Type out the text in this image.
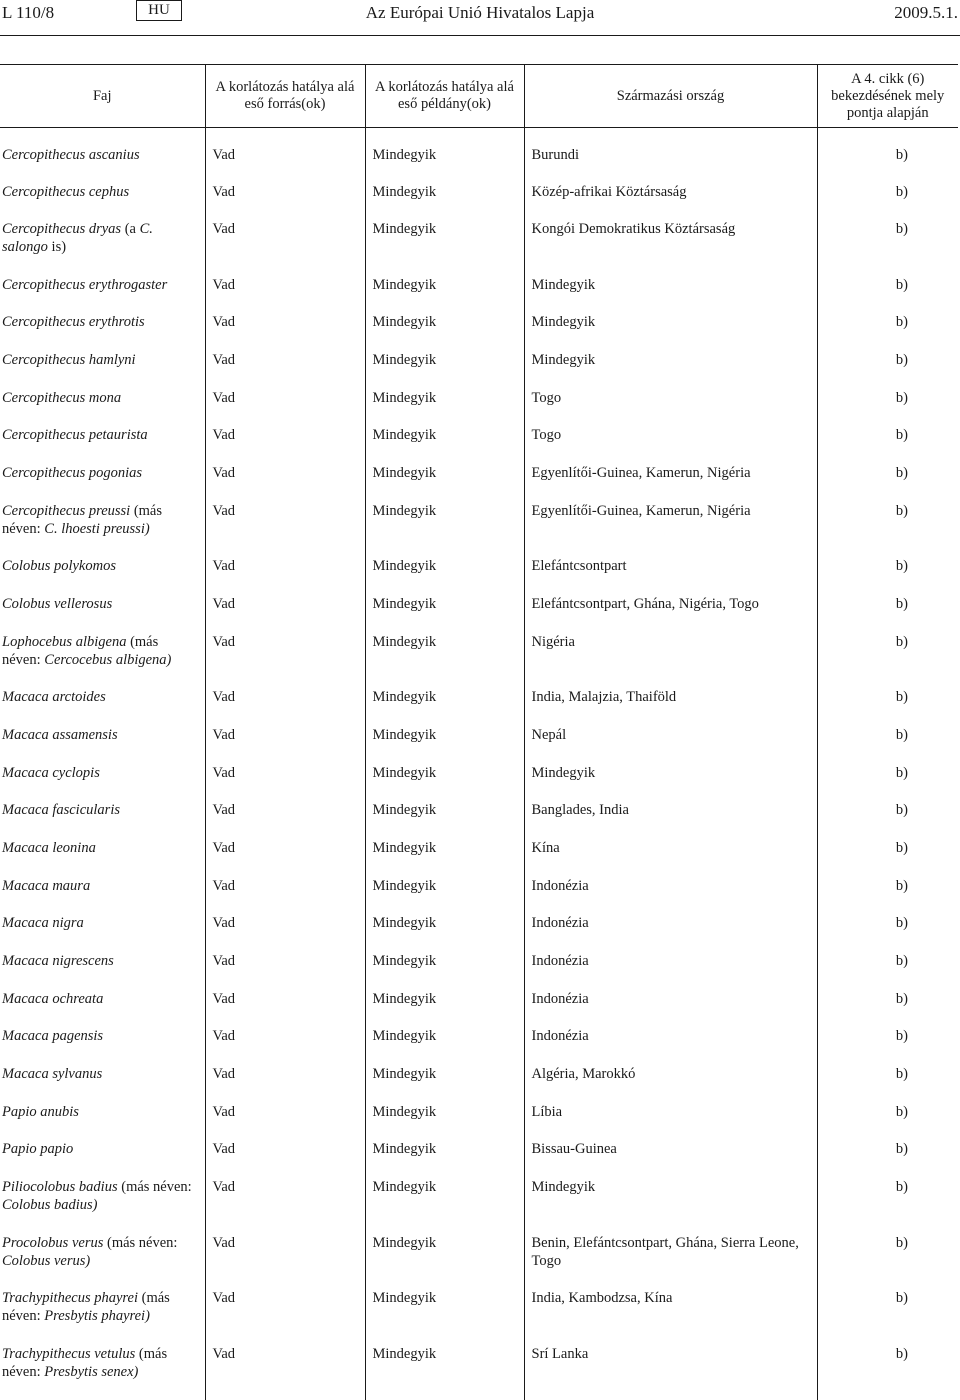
L 110/8	HU	Az Európai Unió Hivatalos Lapja	2009.5.1.
Faj	A korlátozás hatálya alá eső forrás(ok)	A korlátozás hatálya alá eső példány(ok)	Származási ország	A 4. cikk (6) bekezdésének mely pontja alapján
Cercopithecus ascanius	Vad	Mindegyik	Burundi	b)
Cercopithecus cephus	Vad	Mindegyik	Közép-afrikai Köztársaság	b)
Cercopithecus dryas (a C. salongo is)	Vad	Mindegyik	Kongói Demokratikus Köztársaság	b)
Cercopithecus erythrogaster	Vad	Mindegyik	Mindegyik	b)
Cercopithecus erythrotis	Vad	Mindegyik	Mindegyik	b)
Cercopithecus hamlyni	Vad	Mindegyik	Mindegyik	b)
Cercopithecus mona	Vad	Mindegyik	Togo	b)
Cercopithecus petaurista	Vad	Mindegyik	Togo	b)
Cercopithecus pogonias	Vad	Mindegyik	Egyenlítői-Guinea, Kamerun, Nigéria	b)
Cercopithecus preussi (más néven: C. lhoesti preussi)	Vad	Mindegyik	Egyenlítői-Guinea, Kamerun, Nigéria	b)
Colobus polykomos	Vad	Mindegyik	Elefántcsontpart	b)
Colobus vellerosus	Vad	Mindegyik	Elefántcsontpart, Ghána, Nigéria, Togo	b)
Lophocebus albigena (más néven: Cercocebus albigena)	Vad	Mindegyik	Nigéria	b)
Macaca arctoides	Vad	Mindegyik	India, Malajzia, Thaiföld	b)
Macaca assamensis	Vad	Mindegyik	Nepál	b)
Macaca cyclopis	Vad	Mindegyik	Mindegyik	b)
Macaca fascicularis	Vad	Mindegyik	Banglades, India	b)
Macaca leonina	Vad	Mindegyik	Kína	b)
Macaca maura	Vad	Mindegyik	Indonézia	b)
Macaca nigra	Vad	Mindegyik	Indonézia	b)
Macaca nigrescens	Vad	Mindegyik	Indonézia	b)
Macaca ochreata	Vad	Mindegyik	Indonézia	b)
Macaca pagensis	Vad	Mindegyik	Indonézia	b)
Macaca sylvanus	Vad	Mindegyik	Algéria, Marokkó	b)
Papio anubis	Vad	Mindegyik	Líbia	b)
Papio papio	Vad	Mindegyik	Bissau-Guinea	b)
Piliocolobus badius (más néven: Colobus badius)	Vad	Mindegyik	Mindegyik	b)
Procolobus verus (más néven: Colobus verus)	Vad	Mindegyik	Benin, Elefántcsontpart, Ghána, Sierra Leone, Togo	b)
Trachypithecus phayrei (más néven: Presbytis phayrei)	Vad	Mindegyik	India, Kambodzsa, Kína	b)
Trachypithecus vetulus (más néven: Presbytis senex)	Vad	Mindegyik	Srí Lanka	b)
